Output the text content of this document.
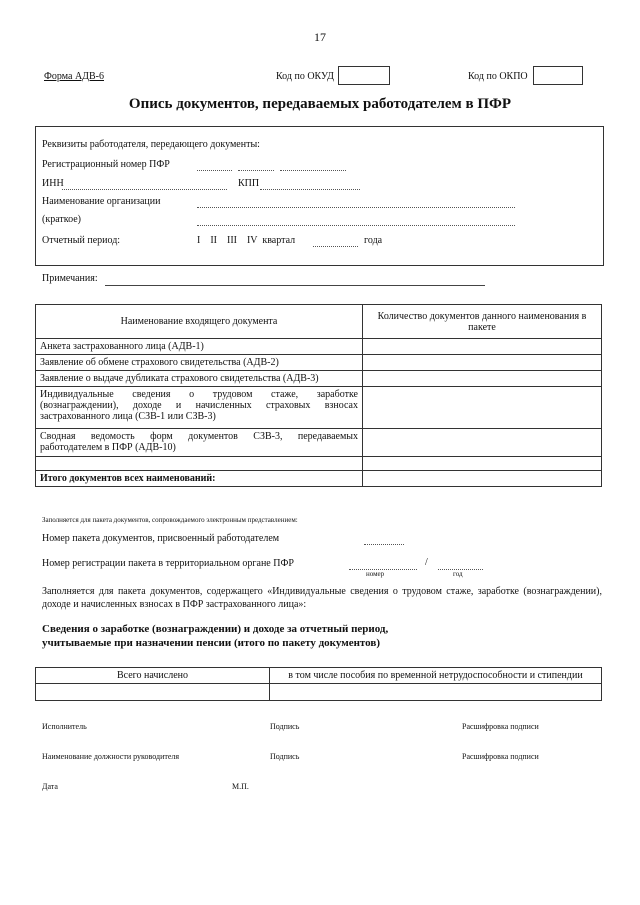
17
Форма АДВ-6	Код по ОКУД	Код по ОКПО
Опись документов, передаваемых работодателем в ПФР
Реквизиты работодателя, передающего документы:
Регистрационный номер ПФР
ИНН	КПП
Наименование организации
(краткое)
Отчетный период:	I    II    III    IV  квартал	года
Примечания:
Наименование входящего документа	Количество документов данного наименования в пакете
Анкета застрахованного лица (АДВ-1)	
Заявление об обмене страхового свидетельства (АДВ-2)	
Заявление о выдаче дубликата страхового свидетельства (АДВ-3)	
Индивидуальные сведения о трудовом стаже, заработке (вознаграждении), доходе и начисленных страховых взносах застрахованного лица (СЗВ-1 или СЗВ-3)	
Сводная ведомость форм документов СЗВ-3, передаваемых работодателем в ПФР (АДВ-10)	

Итого документов всех наименований:	
Заполняется для пакета документов, сопровождаемого электронным представлением:
Номер пакета документов, присвоенный работодателем
Номер регистрации пакета в территориальном органе ПФР	/
номер	год
Заполняется для пакета документов, содержащего «Индивидуальные сведения о трудовом стаже, заработке (вознаграждении), доходе и начисленных взносах в ПФР застрахованного лица»:
Сведения о заработке (вознаграждении) и доходе за отчетный период,
учитываемые при назначении пенсии (итого по пакету документов)
Всего начислено	в том числе пособия по временной нетрудоспособности и стипендии

Исполнитель	Подпись	Расшифровка подписи
Наименование должности руководителя	Подпись	Расшифровка подписи
Дата	М.П.
